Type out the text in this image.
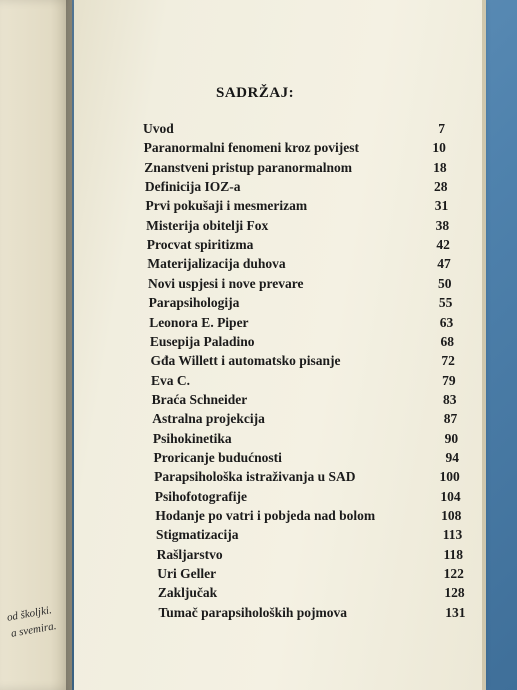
od školjki.
a svemira.
SADRŽAJ:
Uvod	7
Paranormalni fenomeni kroz povijest	10
Znanstveni pristup paranormalnom	18
Definicija IOZ-a	28
Prvi pokušaji i mesmerizam	31
Misterija obitelji Fox	38
Procvat spiritizma	42
Materijalizacija duhova	47
Novi uspjesi i nove prevare	50
Parapsihologija	55
Leonora E. Piper	63
Eusepija Paladino	68
Gđa Willett i automatsko pisanje	72
Eva C.	79
Braća Schneider	83
Astralna projekcija	87
Psihokinetika	90
Proricanje budućnosti	94
Parapsihološka istraživanja u SAD	100
Psihofotografije	104
Hodanje po vatri i pobjeda nad bolom	108
Stigmatizacija	113
Rašljarstvo	118
Uri Geller	122
Zaključak	128
Tumač parapsiholoških pojmova	131
